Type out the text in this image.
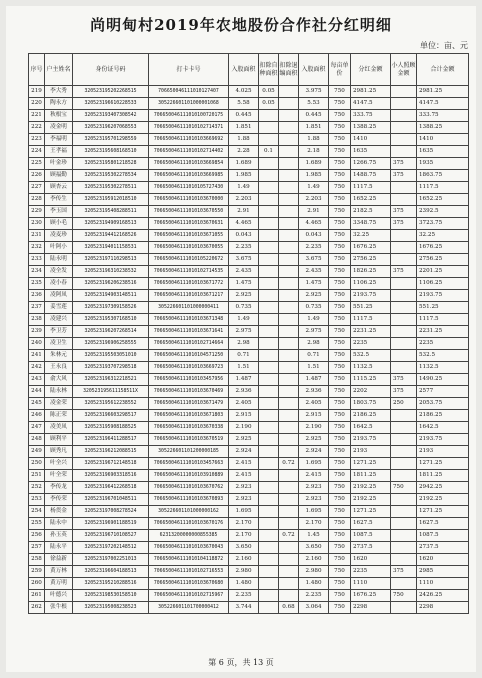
尚明甸村2019年农地股份合作社分红明细
单位：亩、元
序号	户主姓名	身份证号码	打卡卡号	入股面积	扣除自种面积	扣除退编面积	入股面积	每亩单价	分红金额	小人照顾金额	合计金额
219	李大秀	320523195202268515	706650046111010127407	4.025	0.05		3.975	750	2981.25		2981.25
220	陶永方	320523196610228533	305226601101000001068	5.58	0.05		5.53	750	4147.5		4147.5
221	秋根宝	320523193407308542	706650046111010100720175	0.445			0.445	750	333.75		333.75
222	凌金明	320523196207068553	706650046111010102714371	1.851			1.851	750	1388.25		1388.25
223	李福明	320523195701298559	706650046111010103669692	1.88			1.88	750	1410		1410
224	王孝福	320523195608168510	706650046111010102714402	2.28	0.1		2.18	750	1635		1635
225	叶金珍	320523195801218528	706650046111010103669854	1.689			1.689	750	1266.75	375	1935
226	顾福勤	320523195302278534	706650046111010103669985	1.985			1.985	750	1488.75	375	1863.75
227	顾杏云	320523195302278511	706650046111010105727430	1.49			1.49	750	1117.5		1117.5
228	李传生	320523195912018510	706650046111010103670000	2.203			2.203	750	1652.25		1652.25
229	李玉国	320523195408288511	706650046111010103670550	2.91			2.91	750	2182.5	375	2392.5
230	顾小毛	320523194909168513	706650046111010103670631	4.465			4.465	750	3348.75	375	3723.75
231	凌麦珍	320523194412168526	706650046111010103671055	0.043			0.043	750	32.25		32.25
232	叶阿小	320523194011158531	706650046111010103670055	2.235			2.235	750	1676.25		1676.25
233	陆永明	320523197110298513	706650046111010105220672	3.675			3.675	750	2756.25		2756.25
234	凌全发	320523196310238532	706650046111010102714535	2.435			2.435	750	1826.25	375	2201.25
235	凌小春	320523196206238516	706650046111010103671772	1.475			1.475	750	1106.25		1106.25
236	凌阿凤	320523194903148511	706650046111010103671217	2.925			2.925	750	2193.75		2193.75
237	姜雪莲	320523197309158526	305226601101000000411	0.735			0.735	750	551.25		551.25
238	凌建兴	320523195307168510	706650046111010103671348	1.49			1.49	750	1117.5		1117.5
239	李卫芳	320523196207268514	706650046111010103671641	2.975			2.975	750	2231.25		2231.25
240	凌卫生	320523196906258555	706650046111010102714664	2.98			2.98	750	2235		2235
241	朱林元	320523195503051010	706650046111010104571250	0.71			0.71	750	532.5		532.5
242	王永良	320523193707298518	706650046111010103669723	1.51			1.51	750	1132.5		1132.5
243	俞大风	320523196312218521	706650046111010103457956	1.487			1.487	750	1115.25	375	1490.25
244	陆永林	320523195611158511X	706650046111010103670469	2.936			2.936	750	2202	375	2577
245	凌金荣	320523195612238552	706650046111010103671479	2.405			2.405	750	1803.75	250	2053.75
246	陈正荣	320523196603298517	706650046111010103671803	2.915			2.915	750	2186.25		2186.25
247	凌美凤	320523195908188525	706650046111010103670338	2.190			2.190	750	1642.5		1642.5
248	顾利平	320523196411288517	706650046111010103670519	2.925			2.925	750	2193.75		2193.75
249	顾秀凡	320523196212088515	305226601101200000185	2.924			2.924	750	2193		2193
250	叶全兴	320523196712148518	706650046111010103457663	2.415		0.72	1.695	750	1271.25		1271.25
251	叶全荣	320523196903318516	706650046111010103910889	2.415			2.415	750	1811.25		1811.25
252	李传龙	320523196412268518	706650046111010103670762	2.923			2.923	750	2192.25	750	2942.25
253	李传荣	320523196701048511	706650046111010103670893	2.923			2.923	750	2192.25		2192.25
254	杨贯金	320523197008278524	305226601101000000162	1.695			1.695	750	1271.25		1271.25
255	陆永中	320523196901188519	706650046111010103670176	2.170			2.170	750	1627.5		1627.5
256	孙玉英	320523196710108527	62313200000000855385	2.170		0.72	1.45	750	1087.5		1087.5
257	陆永平	320523197202148512	706650046111010103670043	3.650			3.650	750	2737.5		2737.5
258	徐益新	320523197002251013	706650046111010104118872	2.160			2.160	750	1620		1620
259	黄万林	320523196604188513	706650046111010102716553	2.980			2.980	750	2235	375	2985
260	黄万明	320523195210288516	706650046111010103670680	1.480			1.480	750	1110		1110
261	叶德兴	320523198530158510	706650046111010102715967	2.235			2.235	750	1676.25	750	2426.25
262	张牛根	320523195008238523	305226601101700000412	3.744		0.68	3.064	750	2298		2298
第 6 页，共 13 页
